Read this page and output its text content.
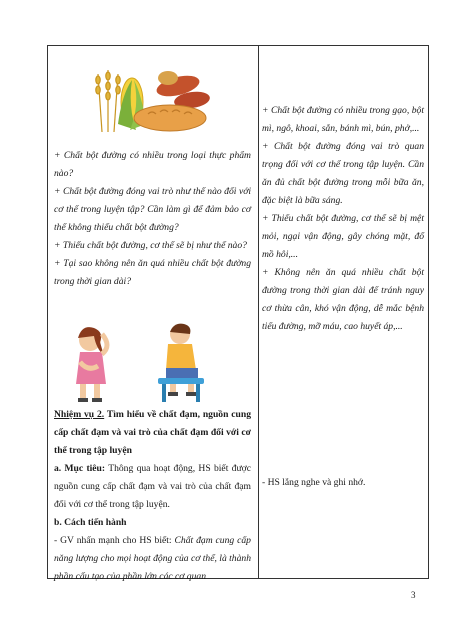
+ Chất bột đường có nhiều trong loại thực phẩm nào?

+ Chất bột đường đóng vai trò như thế nào đối với cơ thể trong luyện tập? Cần làm gì để đảm bảo cơ thể không thiếu chất bột đường?

+ Thiếu chất bột đường, cơ thể sẽ bị như thế nào?

+ Tại sao không nên ăn quá nhiều chất bột đường trong thời gian dài?

+ Chất bột đường có nhiều trong gạo, bột mì, ngô, khoai, sắn, bánh mì, bún, phở,...

+ Chất bột đường đóng vai trò quan trọng đối với cơ thể trong tập luyện. Cần ăn đủ chất bột đường trong mỗi bữa ăn, đặc biệt là bữa sáng.

+ Thiếu chất bột đường, cơ thể sẽ bị mệt mỏi, ngại vận động, gây chóng mặt, đổ mồ hôi,...

+ Không nên ăn quá nhiều chất bột đường trong thời gian dài để tránh nguy cơ thừa cân, khó vận động, dễ mắc bệnh tiểu đường, mỡ máu, cao huyết áp,...

Nhiệm vụ 2. Tìm hiểu về chất đạm, nguồn cung cấp chất đạm và vai trò của chất đạm đối với cơ thể trong tập luyện

a. Mục tiêu: Thông qua hoạt động, HS biết được nguồn cung cấp chất đạm và vai trò của chất đạm đối với cơ thể trong tập luyện.

b. Cách tiến hành

- GV nhấn mạnh cho HS biết: Chất đạm cung cấp năng lượng cho mọi hoạt động của cơ thể, là thành phần cấu tạo của phần lớn các cơ quan

- HS lắng nghe và ghi nhớ.

3
